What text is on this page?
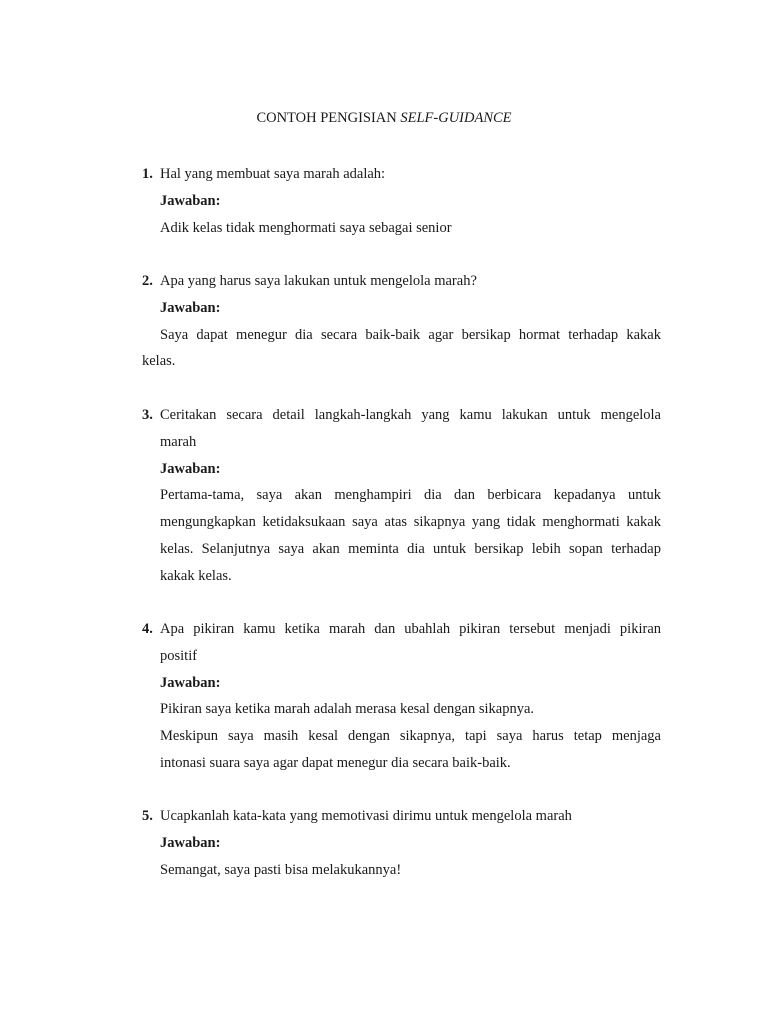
CONTOH PENGISIAN SELF-GUIDANCE
1. Hal yang membuat saya marah adalah:
Jawaban:
Adik kelas tidak menghormati saya sebagai senior
2. Apa yang harus saya lakukan untuk mengelola marah?
Jawaban:
Saya dapat menegur dia secara baik-baik agar bersikap hormat terhadap kakak
kelas.
3. Ceritakan secara detail langkah-langkah yang kamu lakukan untuk mengelola
marah
Jawaban:
Pertama-tama, saya akan menghampiri dia dan berbicara kepadanya untuk
mengungkapkan ketidaksukaan saya atas sikapnya yang tidak menghormati kakak
kelas. Selanjutnya saya akan meminta dia untuk bersikap lebih sopan terhadap
kakak kelas.
4. Apa pikiran kamu ketika marah dan ubahlah pikiran tersebut menjadi pikiran
positif
Jawaban:
Pikiran saya ketika marah adalah merasa kesal dengan sikapnya.
Meskipun saya masih kesal dengan sikapnya, tapi saya harus tetap menjaga
intonasi suara saya agar dapat menegur dia secara baik-baik.
5. Ucapkanlah kata-kata yang memotivasi dirimu untuk mengelola marah
Jawaban:
Semangat, saya pasti bisa melakukannya!
